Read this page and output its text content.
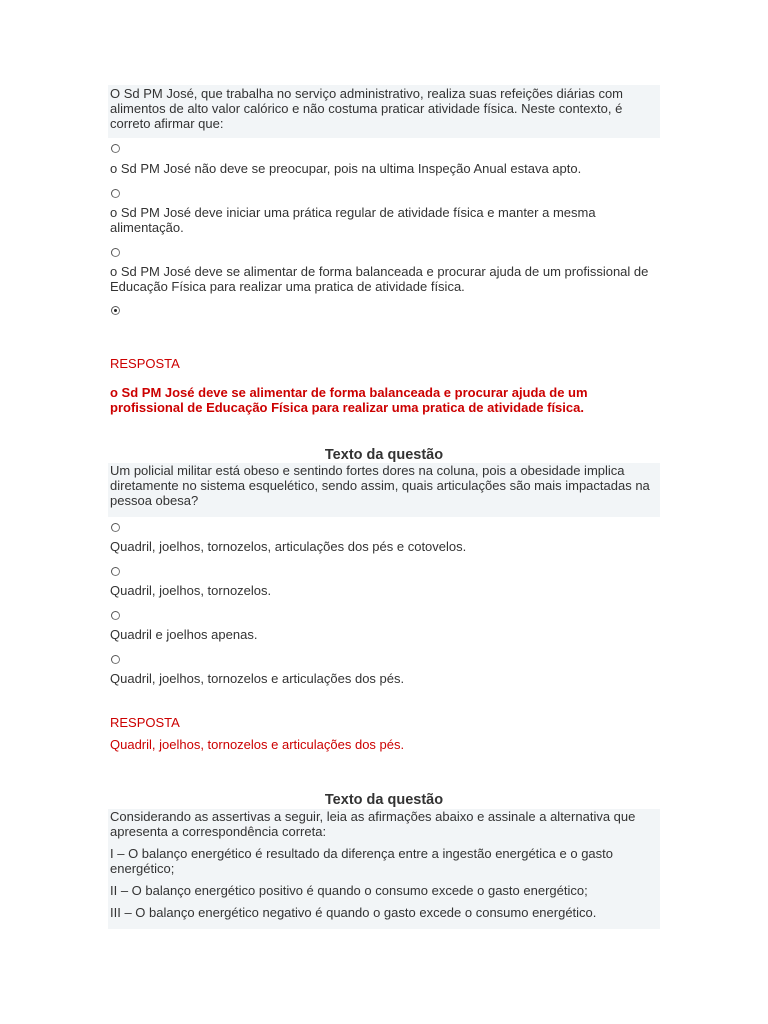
O Sd PM José, que trabalha no serviço administrativo, realiza suas refeições diárias com alimentos de alto valor calórico e não costuma praticar atividade física. Neste contexto, é correto afirmar que:
o Sd PM José não deve se preocupar, pois na ultima Inspeção Anual estava apto.
o Sd PM José deve iniciar uma prática regular de atividade física e manter a mesma alimentação.
o Sd PM José deve se alimentar de forma balanceada e procurar ajuda de um profissional de Educação Física para realizar uma pratica de atividade física.
RESPOSTA
o Sd PM José deve se alimentar de forma balanceada e procurar ajuda de um profissional de Educação Física para realizar uma pratica de atividade física.
Texto da questão
Um policial militar está obeso e sentindo fortes dores na coluna, pois a obesidade implica diretamente no sistema esquelético, sendo assim, quais articulações são mais impactadas na pessoa obesa?
Quadril, joelhos, tornozelos, articulações dos pés e cotovelos.
Quadril, joelhos, tornozelos.
Quadril e joelhos apenas.
Quadril, joelhos, tornozelos e articulações dos pés.
RESPOSTA
Quadril, joelhos, tornozelos e articulações dos pés.
Texto da questão
Considerando as assertivas a seguir, leia as afirmações abaixo e assinale a alternativa que apresenta a correspondência correta:
I – O balanço energético é resultado da diferença entre a ingestão energética e o gasto energético;
II – O balanço energético positivo é quando o consumo excede o gasto energético;
III – O balanço energético negativo é quando o gasto excede o consumo energético.
